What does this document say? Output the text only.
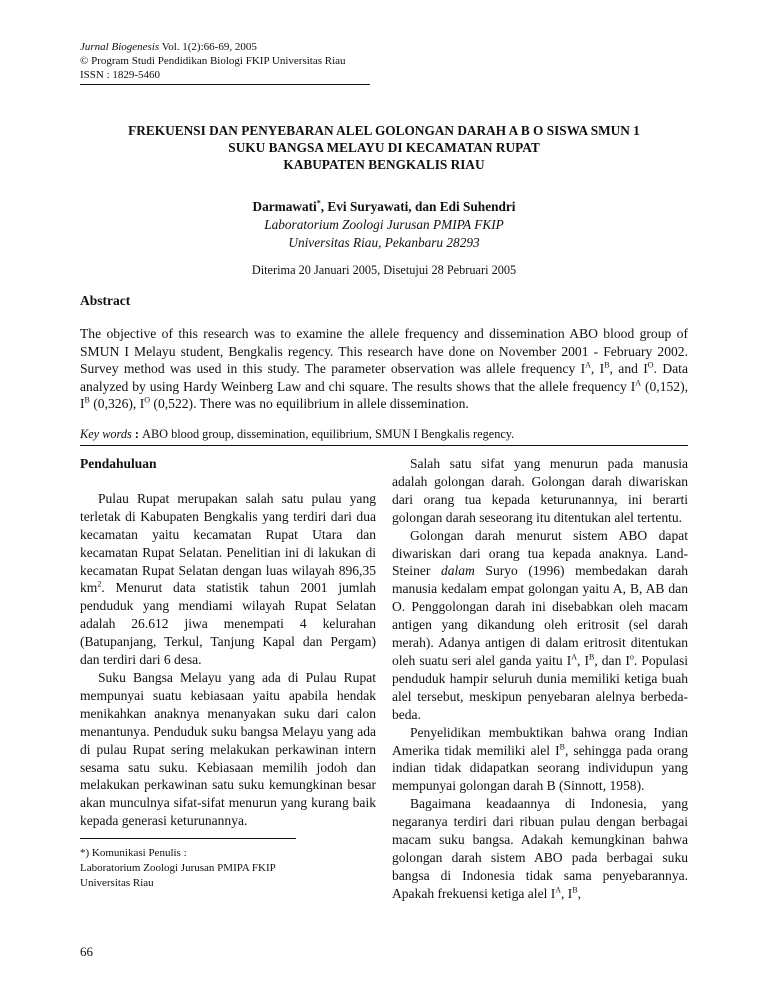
Jurnal Biogenesis Vol. 1(2):66-69, 2005
© Program Studi Pendidikan Biologi FKIP Universitas Riau
ISSN : 1829-5460
FREKUENSI DAN PENYEBARAN ALEL GOLONGAN DARAH A B O SISWA SMUN 1
SUKU BANGSA MELAYU DI KECAMATAN RUPAT
KABUPATEN BENGKALIS RIAU
Darmawati*, Evi Suryawati, dan Edi Suhendri
Laboratorium Zoologi Jurusan PMIPA FKIP
Universitas Riau, Pekanbaru 28293
Diterima 20 Januari 2005, Disetujui 28 Pebruari 2005
Abstract
The objective of this research was to examine the allele frequency and dissemination ABO blood group of SMUN I Melayu student, Bengkalis regency. This research have done on November 2001 - February 2002. Survey method was used in this study. The parameter observation was allele frequency $I^A$, $I^B$, and $I^O$. Data analyzed by using Hardy Weinberg Law and chi square. The results shows that the allele frequency $I^A$ (0,152), $I^B$ (0,326), $I^O$ (0,522). There was no equilibrium in allele dissemination.
Key words : ABO blood group, dissemination, equilibrium, SMUN I Bengkalis regency.
Pendahuluan

Pulau Rupat merupakan salah satu pulau yang terletak di Kabupaten Bengkalis yang terdiri dari dua kecamatan yaitu kecamatan Rupat Utara dan kecamatan Rupat Selatan. Penelitian ini di lakukan di kecamatan Rupat Selatan dengan luas wilayah 896,35 $km^2$. Menurut data statistik tahun 2001 jumlah penduduk yang mendiami wilayah Rupat Selatan adalah 26.612 jiwa menempati 4 kelurahan (Batupanjang, Terkul, Tanjung Kapal dan Pergam) dan terdiri dari 6 desa.

Suku Bangsa Melayu yang ada di Pulau Rupat mempunyai suatu kebiasaan yaitu apabila hendak menikahkan anaknya menanyakan suku dari calon menantunya. Penduduk suku bangsa Melayu yang ada di pulau Rupat sering melakukan perkawinan intern sesama satu suku. Kebiasaan memilih jodoh dan melakukan perkawinan satu suku kemungkinan besar akan munculnya sifat-sifat menurun yang kurang baik kepada generasi keturunannya.

Salah satu sifat yang menurun pada manusia adalah golongan darah. Golongan darah diwariskan dari orang tua kepada keturunannya, ini berarti golongan darah seseorang itu ditentukan alel tertentu.

Golongan darah menurut sistem ABO dapat diwariskan dari orang tua kepada anaknya. Land-Steiner dalam Suryo (1996) membedakan darah manusia kedalam empat golongan yaitu A, B, AB dan O. Penggolongan darah ini disebabkan oleh macam antigen yang dikandung oleh eritrosit (sel darah merah). Adanya antigen di dalam eritrosit ditentukan oleh suatu seri alel ganda yaitu $I^A$, $I^B$, dan $I^o$. Populasi penduduk hampir seluruh dunia memiliki ketiga buah alel tersebut, meskipun penyebaran alelnya berbeda-beda.

Penyelidikan membuktikan bahwa orang Indian Amerika tidak memiliki alel $I^B$, sehingga pada orang indian tidak didapatkan seorang individupun yang mempunyai golongan darah B (Sinnott, 1958).

Bagaimana keadaannya di Indonesia, yang negaranya terdiri dari ribuan pulau dengan berbagai macam suku bangsa. Adakah kemungkinan bahwa golongan darah sistem ABO pada berbagai suku bangsa di Indonesia tidak sama penyebarannya. Apakah frekuensi ketiga alel $I^A$, $I^B$,

*) Komunikasi Penulis :
Laboratorium Zoologi Jurusan PMIPA FKIP
Universitas Riau
66
